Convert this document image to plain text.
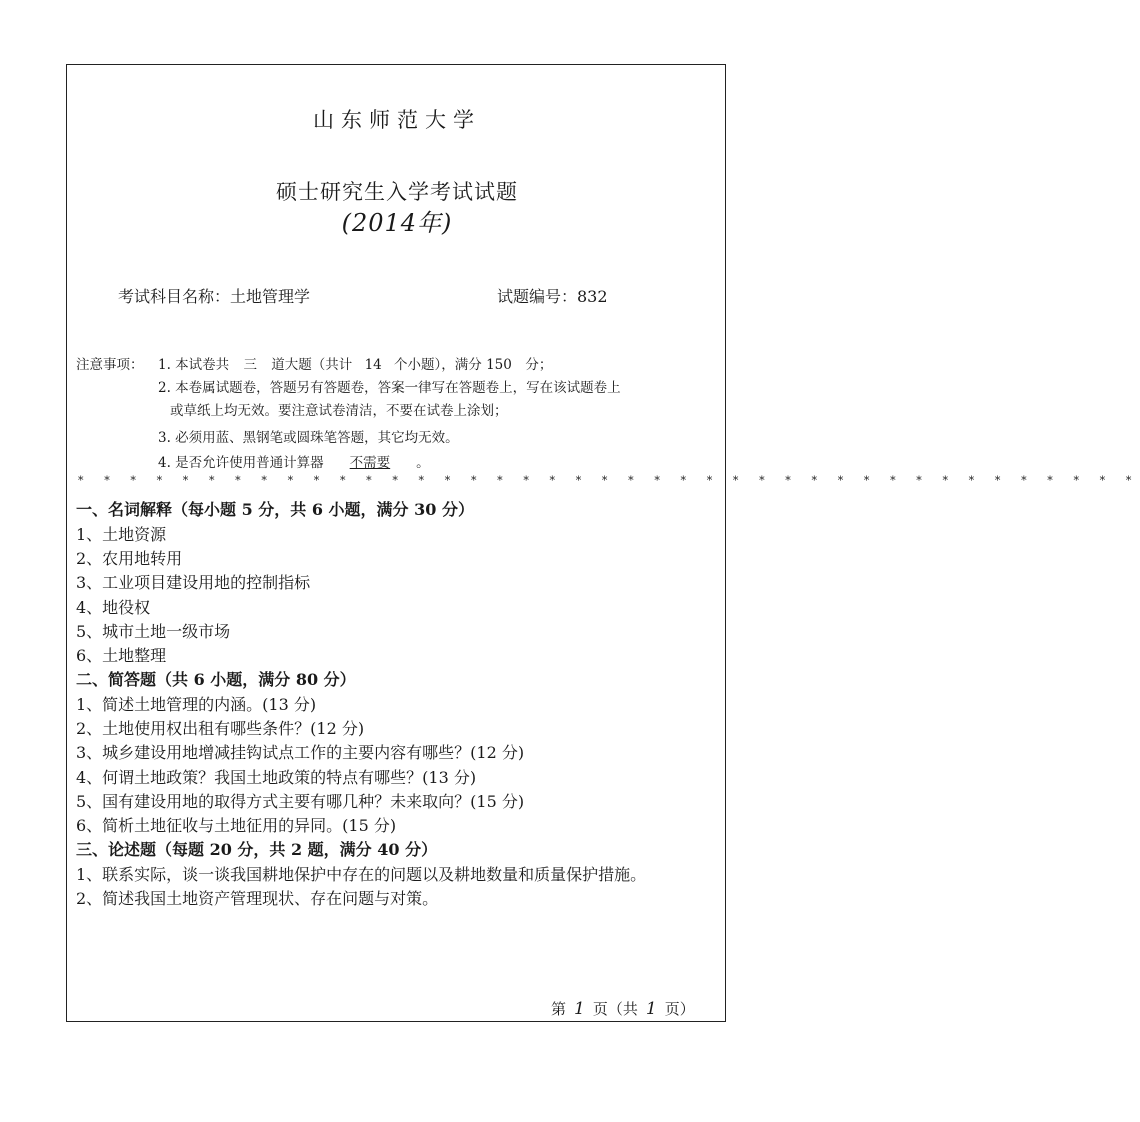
山东师范大学
硕士研究生入学考试试题
(2014年)
考试科目名称：土地管理学	试题编号：832
注意事项： 1. 本试卷共 三 道大题（共计 14 个小题），满分 150　分；
2. 本卷属试题卷，答题另有答题卷，答案一律写在答题卷上，写在该试题卷上
或草纸上均无效。要注意试卷清洁，不要在试卷上涂划；
3. 必须用蓝、黑钢笔或圆珠笔答题，其它均无效。
4. 是否允许使用普通计算器 不需要 。
* * * * * * * * * * * * * * * * * * * * * * * * * * * * * * * * * * * * * * * * *
一、名词解释（每小题 5 分，共 6 小题，满分 30 分）
1、土地资源
2、农用地转用
3、工业项目建设用地的控制指标
4、地役权
5、城市土地一级市场
6、土地整理
二、简答题（共 6 小题，满分 80 分）
1、简述土地管理的内涵。(13 分)
2、土地使用权出租有哪些条件？(12 分)
3、城乡建设用地增减挂钩试点工作的主要内容有哪些？(12 分)
4、何谓土地政策？我国土地政策的特点有哪些？(13 分)
5、国有建设用地的取得方式主要有哪几种？未来取向？(15 分)
6、简析土地征收与土地征用的异同。(15 分)
三、论述题（每题 20 分，共 2 题，满分 40 分）
1、联系实际，谈一谈我国耕地保护中存在的问题以及耕地数量和质量保护措施。
2、简述我国土地资产管理现状、存在问题与对策。
第 1 页（共 1 页）
